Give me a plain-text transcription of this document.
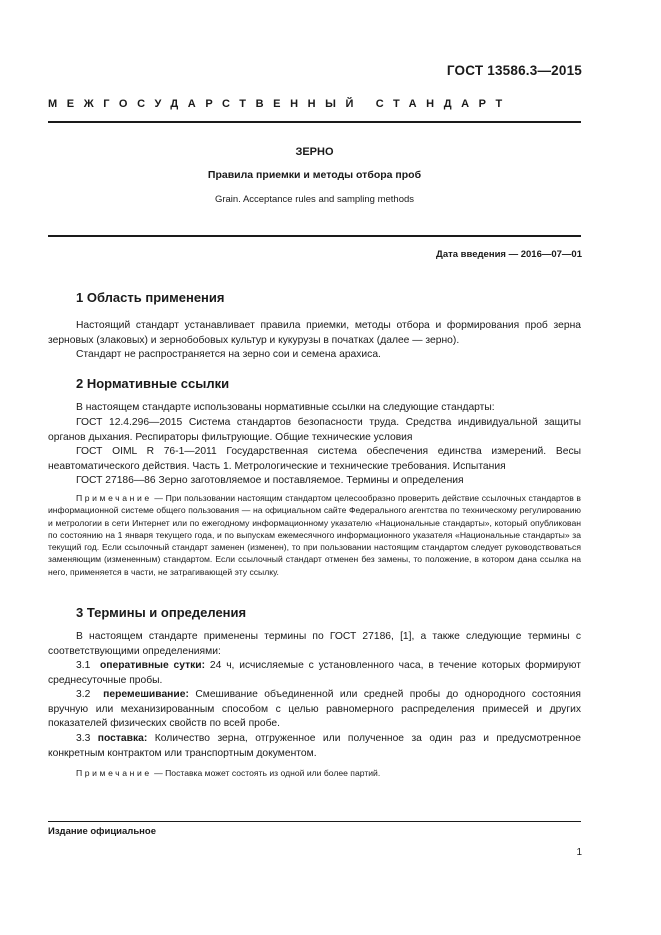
ГОСТ 13586.3—2015
МЕЖГОСУДАРСТВЕННЫЙ СТАНДАРТ
ЗЕРНО
Правила приемки и методы отбора проб
Grain. Acceptance rules and sampling methods
Дата введения — 2016—07—01
1 Область применения

Настоящий стандарт устанавливает правила приемки, методы отбора и формирования проб зерна зерновых (злаковых) и зернобобовых культур и кукурузы в початках (далее — зерно).

Стандарт не распространяется на зерно сои и семена арахиса.

2 Нормативные ссылки

В настоящем стандарте использованы нормативные ссылки на следующие стандарты:

ГОСТ 12.4.296—2015 Система стандартов безопасности труда. Средства индивидуальной защиты органов дыхания. Респираторы фильтрующие. Общие технические условия

ГОСТ OIML R 76-1—2011 Государственная система обеспечения единства измерений. Весы неавтоматического действия. Часть 1. Метрологические и технические требования. Испытания

ГОСТ 27186—86 Зерно заготовляемое и поставляемое. Термины и определения

Примечание — При пользовании настоящим стандартом целесообразно проверить действие ссылочных стандартов в информационной системе общего пользования — на официальном сайте Федерального агентства по техническому регулированию и метрологии в сети Интернет или по ежегодному информационному указателю «Национальные стандарты», который опубликован по состоянию на 1 января текущего года, и по выпускам ежемесячного информационного указателя «Национальные стандарты» за текущий год. Если ссылочный стандарт заменен (изменен), то при пользовании настоящим стандартом следует руководствоваться заменяющим (измененным) стандартом. Если ссылочный стандарт отменен без замены, то положение, в котором дана ссылка на него, применяется в части, не затрагивающей эту ссылку.

3 Термины и определения

В настоящем стандарте применены термины по ГОСТ 27186, [1], а также следующие термины с соответствующими определениями:

3.1 оперативные сутки: 24 ч, исчисляемые с установленного часа, в течение которых формируют среднесуточные пробы.

3.2 перемешивание: Смешивание объединенной или средней пробы до однородного состояния вручную или механизированным способом с целью равномерного распределения примесей и других показателей физических свойств по всей пробе.

3.3 поставка: Количество зерна, отгруженное или полученное за один раз и предусмотренное конкретным контрактом или транспортным документом.

Примечание — Поставка может состоять из одной или более партий.

Издание официальное
1
